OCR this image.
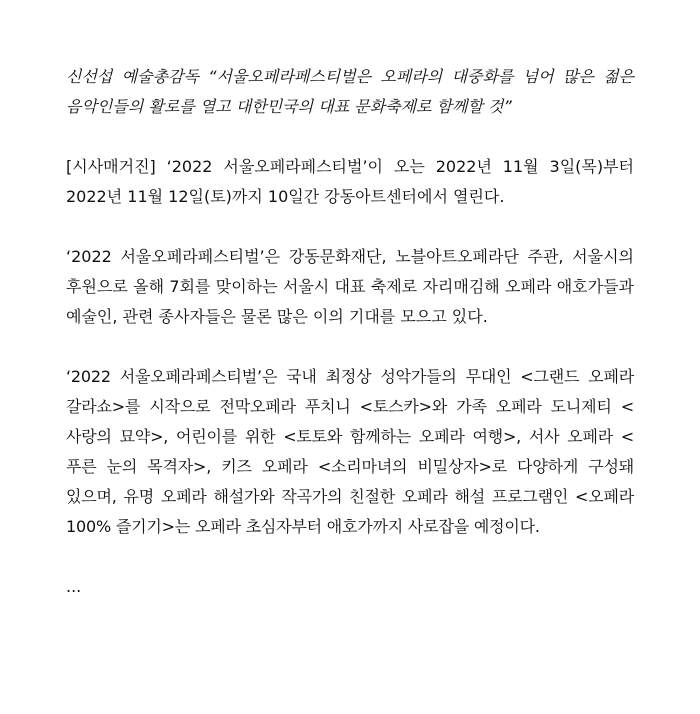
신선섭 예술총감독 “서울오페라페스티벌은 오페라의 대중화를 넘어 많은 젊은 음악인들의 활로를 열고 대한민국의 대표 문화축제로 함께할 것”

[시사매거진] ‘2022 서울오페라페스티벌’이 오는 2022년 11월 3일(목)부터 2022년 11월 12일(토)까지 10일간 강동아트센터에서 열린다.

‘2022 서울오페라페스티벌’은 강동문화재단, 노블아트오페라단 주관, 서울시의 후원으로 올해 7회를 맞이하는 서울시 대표 축제로 자리매김해 오페라 애호가들과 예술인, 관련 종사자들은 물론 많은 이의 기대를 모으고 있다.

‘2022 서울오페라페스티벌’은 국내 최정상 성악가들의 무대인 <그랜드 오페라 갈라쇼>를 시작으로 전막오페라 푸치니 <토스카>와 가족 오페라 도니제티 <사랑의 묘약>, 어린이를 위한 <토토와 함께하는 오페라 여행>, 서사 오페라 <푸른 눈의 목격자>, 키즈 오페라 <소리마녀의 비밀상자>로 다양하게 구성돼 있으며, 유명 오페라 해설가와 작곡가의 친절한 오페라 해설 프로그램인 <오페라 100% 즐기기>는 오페라 초심자부터 애호가까지 사로잡을 예정이다.

...
